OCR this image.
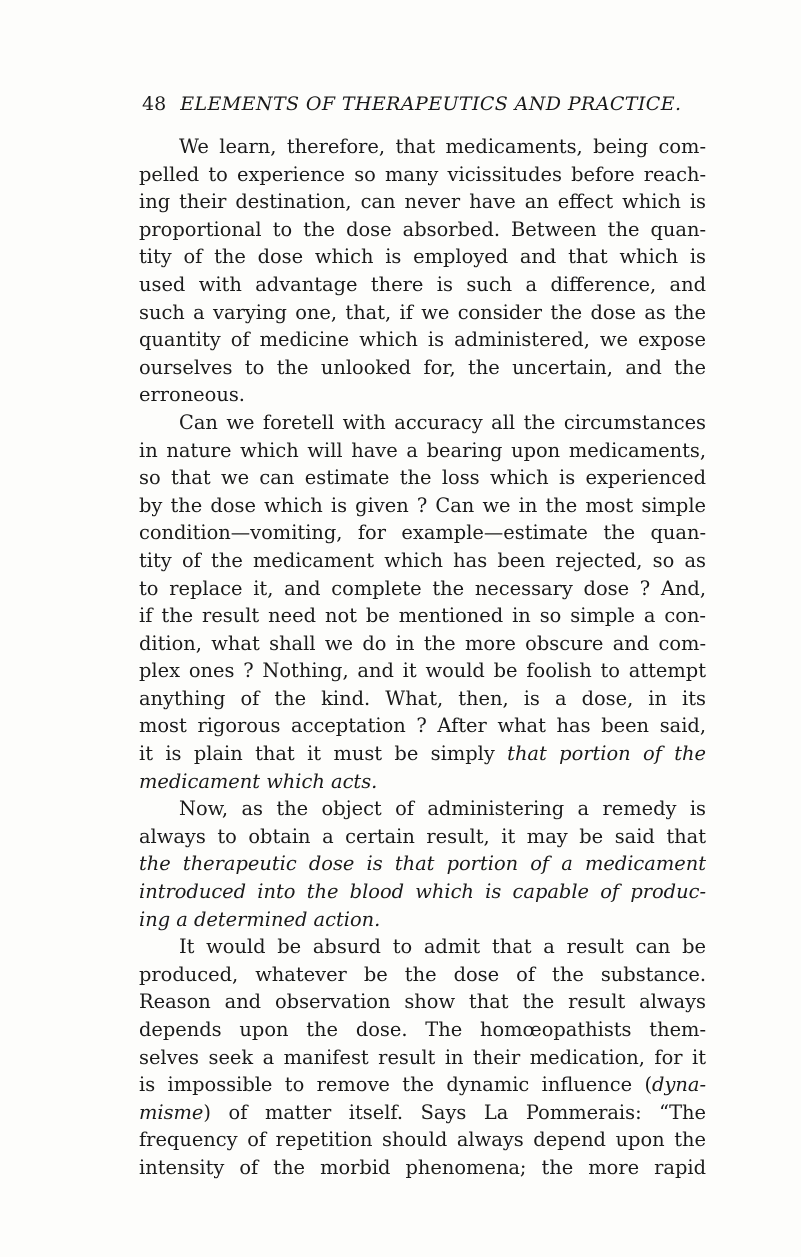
48 ELEMENTS OF THERAPEUTICS AND PRACTICE.
We learn, therefore, that medicaments, being com-
pelled to experience so many vicissitudes before reach-
ing their destination, can never have an effect which is
proportional to the dose absorbed. Between the quan-
tity of the dose which is employed and that which is
used with advantage there is such a difference, and
such a varying one, that, if we consider the dose as the
quantity of medicine which is administered, we expose
ourselves to the unlooked for, the uncertain, and the
erroneous.
Can we foretell with accuracy all the circumstances
in nature which will have a bearing upon medicaments,
so that we can estimate the loss which is experienced
by the dose which is given ? Can we in the most simple
condition—vomiting, for example—estimate the quan-
tity of the medicament which has been rejected, so as
to replace it, and complete the necessary dose ? And,
if the result need not be mentioned in so simple a con-
dition, what shall we do in the more obscure and com-
plex ones ? Nothing, and it would be foolish to attempt
anything of the kind. What, then, is a dose, in its
most rigorous acceptation ? After what has been said,
it is plain that it must be simply that portion of the
medicament which acts.
Now, as the object of administering a remedy is
always to obtain a certain result, it may be said that
the therapeutic dose is that portion of a medicament
introduced into the blood which is capable of produc-
ing a determined action.
It would be absurd to admit that a result can be
produced, whatever be the dose of the substance.
Reason and observation show that the result always
depends upon the dose. The homœopathists them-
selves seek a manifest result in their medication, for it
is impossible to remove the dynamic influence (dyna-
misme) of matter itself. Says La Pommerais: “The
frequency of repetition should always depend upon the
intensity of the morbid phenomena; the more rapid
